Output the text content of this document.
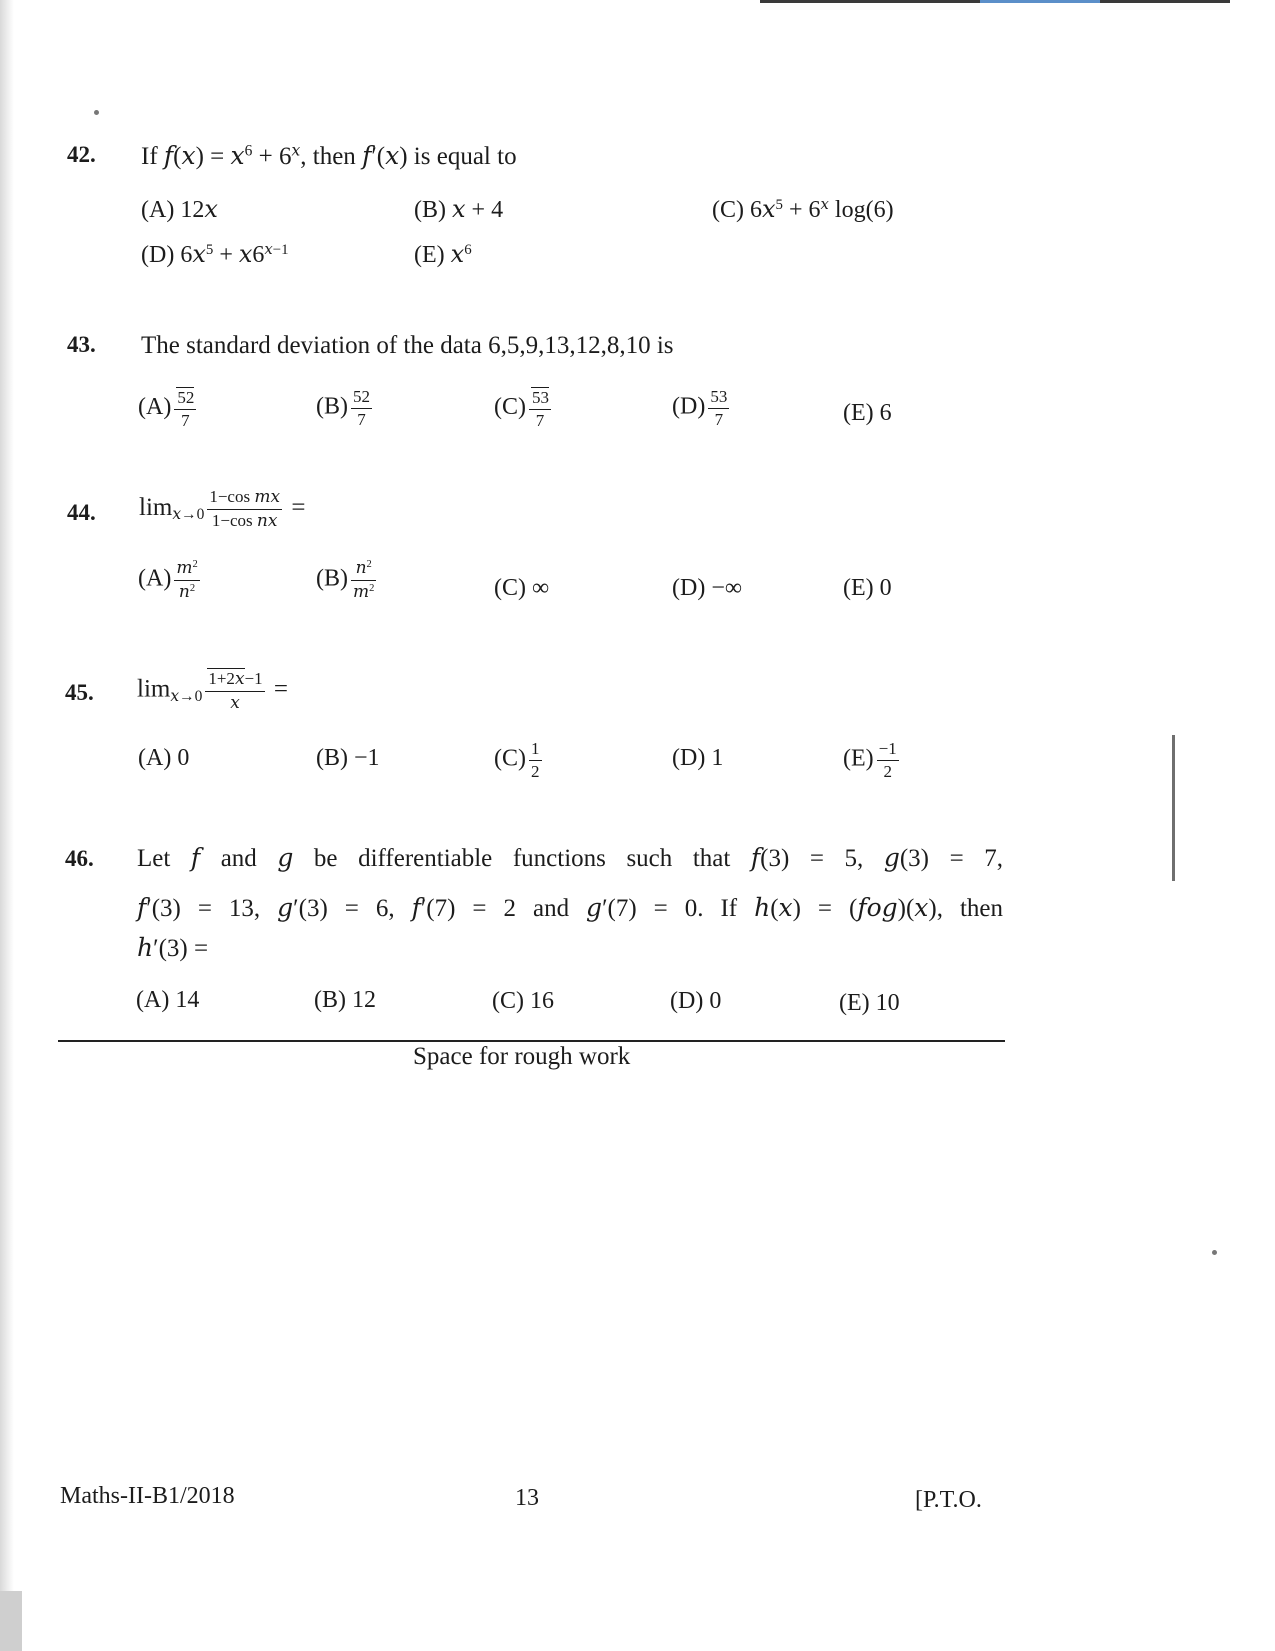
42. If $f(x) = x^6 + 6^x$, then f′(x) is equal to
(A) 12x	(B) x + 4	(C) $6x^5 + 6^x$ log(6)
(D) $6x^5 + x6^{x-1}$	(E) $x^6$
43. The standard deviation of the data 6,5,9,13,12,8,10 is
$(A) \frac{52}{7}$	$(B) \frac{52}{7}$	$(C) \frac{53}{7}$	$(D) \frac{53}{7}$	(E) 6
44. $\lim_{x\to 0} \frac{\text{1−cos mx}}{\text{1−cos nx}}$ =
$(A) \frac{m^2}{n^2}$	$(B) \frac{n^2}{m^2}$	(C) ∞	(D) −∞	(E) 0
45. $\lim_{x\to 0} \frac{1+2x-1}{x}$ =
(A) 0	(B) −1	$(C) \frac{1}{2}$	(D) 1	$(E) \frac{-1}{2}$
46. Let f and g be differentiable functions such that f(3) = 5, g(3) = 7,
f′(3) = 13, g′(3) = 6, f′(7) = 2 and g′(7) = 0. If h(x) = (fog)(x), then
h′(3) =
(A) 14	(B) 12	(C) 16	(D) 0	(E) 10
Space for rough work
Maths-II-B1/2018	13	[P.T.O.
